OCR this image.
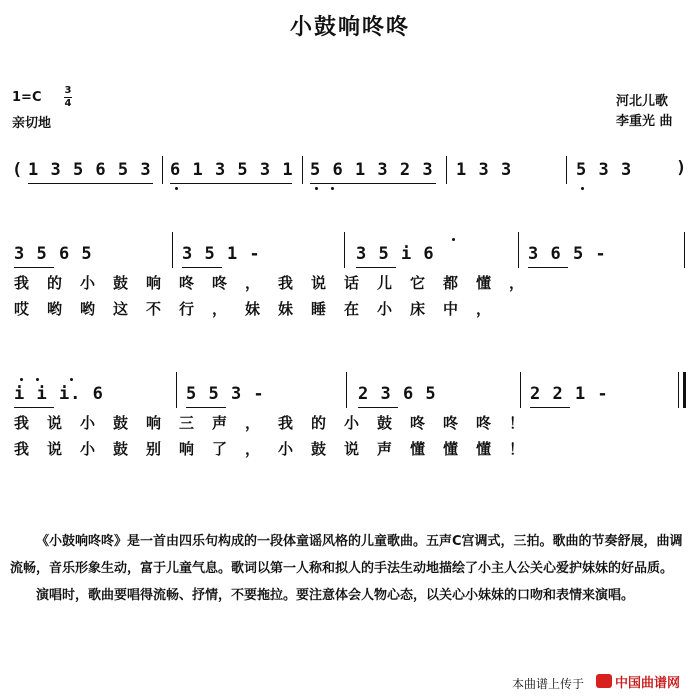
小鼓响咚咚
1=C 3
4
亲切地
河北儿歌
李重光 曲
( 1 3 5 6 5 3 6 1 3 5 3 1 5 6 1 3 2 3 1 3 3	5 3 3	)
3 5 6 5	3 5 1 -	3 5 i 6	3 6 5 -
我的小鼓响咚咚，我说话儿它都懂，
哎哟哟这不行，妹妹睡在小床中，
i i i. 6	5 5 3 -	2 3 6 5	2 2 1 -
我说小鼓响三声，我的小鼓咚咚咚！
我说小鼓别响了，小鼓说声懂懂懂！

《小鼓响咚咚》是一首由四乐句构成的一段体童谣风格的儿童歌曲。五声C宫调式，三拍。歌曲的节奏舒展，曲调流畅，音乐形象生动，富于儿童气息。歌词以第一人称和拟人的手法生动地描绘了小主人公关心爱护妹妹的好品质。

演唱时，歌曲要唱得流畅、抒情，不要拖拉。要注意体会人物心态，以关心小妹妹的口吻和表情来演唱。

本曲谱上传于 中国曲谱网
